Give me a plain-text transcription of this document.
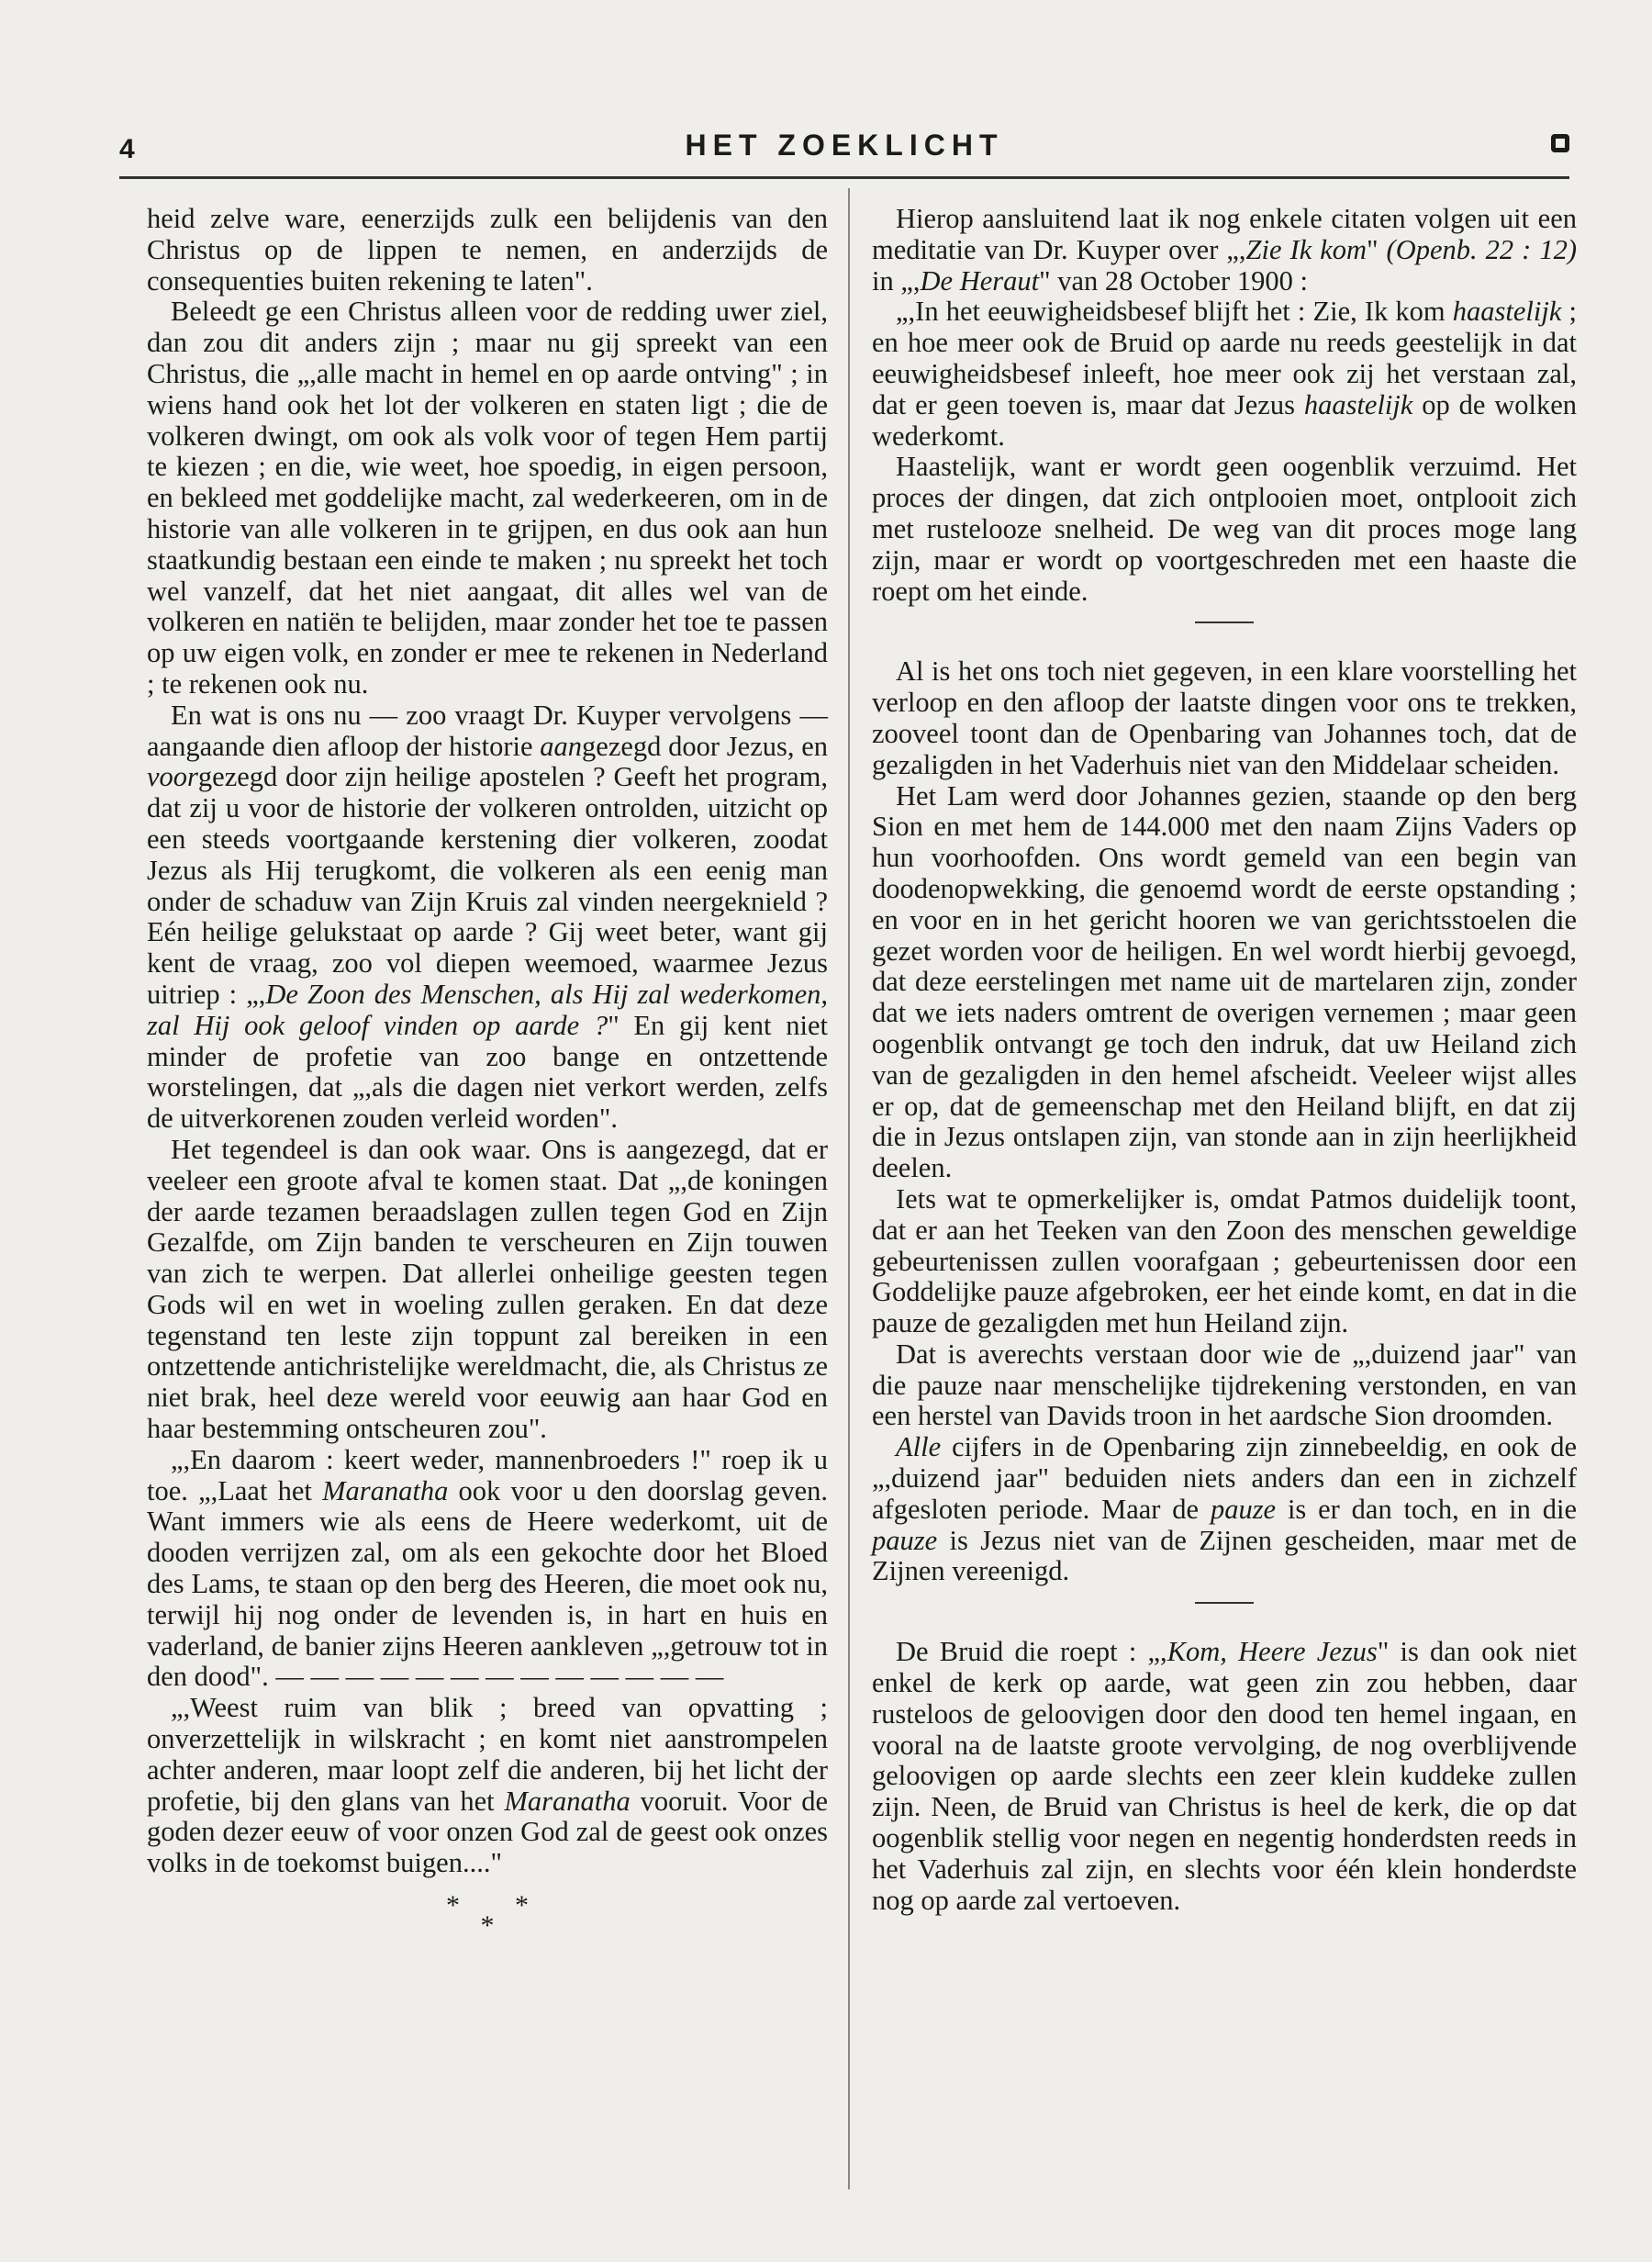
4	HET ZOEKLICHT

heid zelve ware, eenerzijds zulk een belijdenis van den Christus op de lippen te nemen, en anderzijds de consequenties buiten rekening te laten".

Beleedt ge een Christus alleen voor de redding uwer ziel, dan zou dit anders zijn ; maar nu gij spreekt van een Christus, die „,alle macht in hemel en op aarde ontving" ; in wiens hand ook het lot der volkeren en staten ligt ; die de volkeren dwingt, om ook als volk voor of tegen Hem partij te kiezen ; en die, wie weet, hoe spoedig, in eigen persoon, en bekleed met goddelijke macht, zal wederkeeren, om in de historie van alle volkeren in te grijpen, en dus ook aan hun staatkundig bestaan een einde te maken ; nu spreekt het toch wel vanzelf, dat het niet aangaat, dit alles wel van de volkeren en natiën te belijden, maar zonder het toe te passen op uw eigen volk, en zonder er mee te rekenen in Nederland ; te rekenen ook nu.

En wat is ons nu — zoo vraagt Dr. Kuyper vervolgens — aangaande dien afloop der historie aangezegd door Jezus, en voorgezegd door zijn heilige apostelen ? Geeft het program, dat zij u voor de historie der volkeren ontrolden, uitzicht op een steeds voortgaande kerstening dier volkeren, zoodat Jezus als Hij terugkomt, die volkeren als een eenig man onder de schaduw van Zijn Kruis zal vinden neergeknield ? Eén heilige gelukstaat op aarde ? Gij weet beter, want gij kent de vraag, zoo vol diepen weemoed, waarmee Jezus uitriep : „,De Zoon des Menschen, als Hij zal wederkomen, zal Hij ook geloof vinden op aarde ?" En gij kent niet minder de profetie van zoo bange en ontzettende worstelingen, dat „,als die dagen niet verkort werden, zelfs de uitverkorenen zouden verleid worden".

Het tegendeel is dan ook waar. Ons is aangezegd, dat er veeleer een groote afval te komen staat. Dat „,de koningen der aarde tezamen beraadslagen zullen tegen God en Zijn Gezalfde, om Zijn banden te verscheuren en Zijn touwen van zich te werpen. Dat allerlei onheilige geesten tegen Gods wil en wet in woeling zullen geraken. En dat deze tegenstand ten leste zijn toppunt zal bereiken in een ontzettende antichristelijke wereldmacht, die, als Christus ze niet brak, heel deze wereld voor eeuwig aan haar God en haar bestemming ontscheuren zou".

„,En daarom : keert weder, mannenbroeders !" roep ik u toe. „,Laat het Maranatha ook voor u den doorslag geven. Want immers wie als eens de Heere wederkomt, uit de dooden verrijzen zal, om als een gekochte door het Bloed des Lams, te staan op den berg des Heeren, die moet ook nu, terwijl hij nog onder de levenden is, in hart en huis en vaderland, de banier zijns Heeren aankleven „,getrouw tot in den dood". — — — — — — — — — — — — —

„,Weest ruim van blik ; breed van opvatting ; onverzettelijk in wilskracht ; en komt niet aanstrompelen achter anderen, maar loopt zelf die anderen, bij het licht der profetie, bij den glans van het Maranatha vooruit. Voor de goden dezer eeuw of voor onzen God zal de geest ook onzes volks in de toekomst buigen...."

* *
*

Hierop aansluitend laat ik nog enkele citaten volgen uit een meditatie van Dr. Kuyper over „,Zie Ik kom" (Openb. 22 : 12) in „,De Heraut" van 28 October 1900 :

„,In het eeuwigheidsbesef blijft het : Zie, Ik kom haastelijk ; en hoe meer ook de Bruid op aarde nu reeds geestelijk in dat eeuwigheidsbesef inleeft, hoe meer ook zij het verstaan zal, dat er geen toeven is, maar dat Jezus haastelijk op de wolken wederkomt.

Haastelijk, want er wordt geen oogenblik verzuimd. Het proces der dingen, dat zich ontplooien moet, ontplooit zich met rustelooze snelheid. De weg van dit proces moge lang zijn, maar er wordt op voortgeschreden met een haaste die roept om het einde.

Al is het ons toch niet gegeven, in een klare voorstelling het verloop en den afloop der laatste dingen voor ons te trekken, zooveel toont dan de Openbaring van Johannes toch, dat de gezaligden in het Vaderhuis niet van den Middelaar scheiden.

Het Lam werd door Johannes gezien, staande op den berg Sion en met hem de 144.000 met den naam Zijns Vaders op hun voorhoofden. Ons wordt gemeld van een begin van doodenopwekking, die genoemd wordt de eerste opstanding ; en voor en in het gericht hooren we van gerichtsstoelen die gezet worden voor de heiligen. En wel wordt hierbij gevoegd, dat deze eerstelingen met name uit de martelaren zijn, zonder dat we iets naders omtrent de overigen vernemen ; maar geen oogenblik ontvangt ge toch den indruk, dat uw Heiland zich van de gezaligden in den hemel afscheidt. Veeleer wijst alles er op, dat de gemeenschap met den Heiland blijft, en dat zij die in Jezus ontslapen zijn, van stonde aan in zijn heerlijkheid deelen.

Iets wat te opmerkelijker is, omdat Patmos duidelijk toont, dat er aan het Teeken van den Zoon des menschen geweldige gebeurtenissen zullen voorafgaan ; gebeurtenissen door een Goddelijke pauze afgebroken, eer het einde komt, en dat in die pauze de gezaligden met hun Heiland zijn.

Dat is averechts verstaan door wie de „,duizend jaar" van die pauze naar menschelijke tijdrekening verstonden, en van een herstel van Davids troon in het aardsche Sion droomden.

Alle cijfers in de Openbaring zijn zinnebeeldig, en ook de „,duizend jaar" beduiden niets anders dan een in zichzelf afgesloten periode. Maar de pauze is er dan toch, en in die pauze is Jezus niet van de Zijnen gescheiden, maar met de Zijnen vereenigd.

De Bruid die roept : „,Kom, Heere Jezus" is dan ook niet enkel de kerk op aarde, wat geen zin zou hebben, daar rusteloos de geloovigen door den dood ten hemel ingaan, en vooral na de laatste groote vervolging, de nog overblijvende geloovigen op aarde slechts een zeer klein kuddeke zullen zijn. Neen, de Bruid van Christus is heel de kerk, die op dat oogenblik stellig voor negen en negentig honderdsten reeds in het Vaderhuis zal zijn, en slechts voor één klein honderdste nog op aarde zal vertoeven.
